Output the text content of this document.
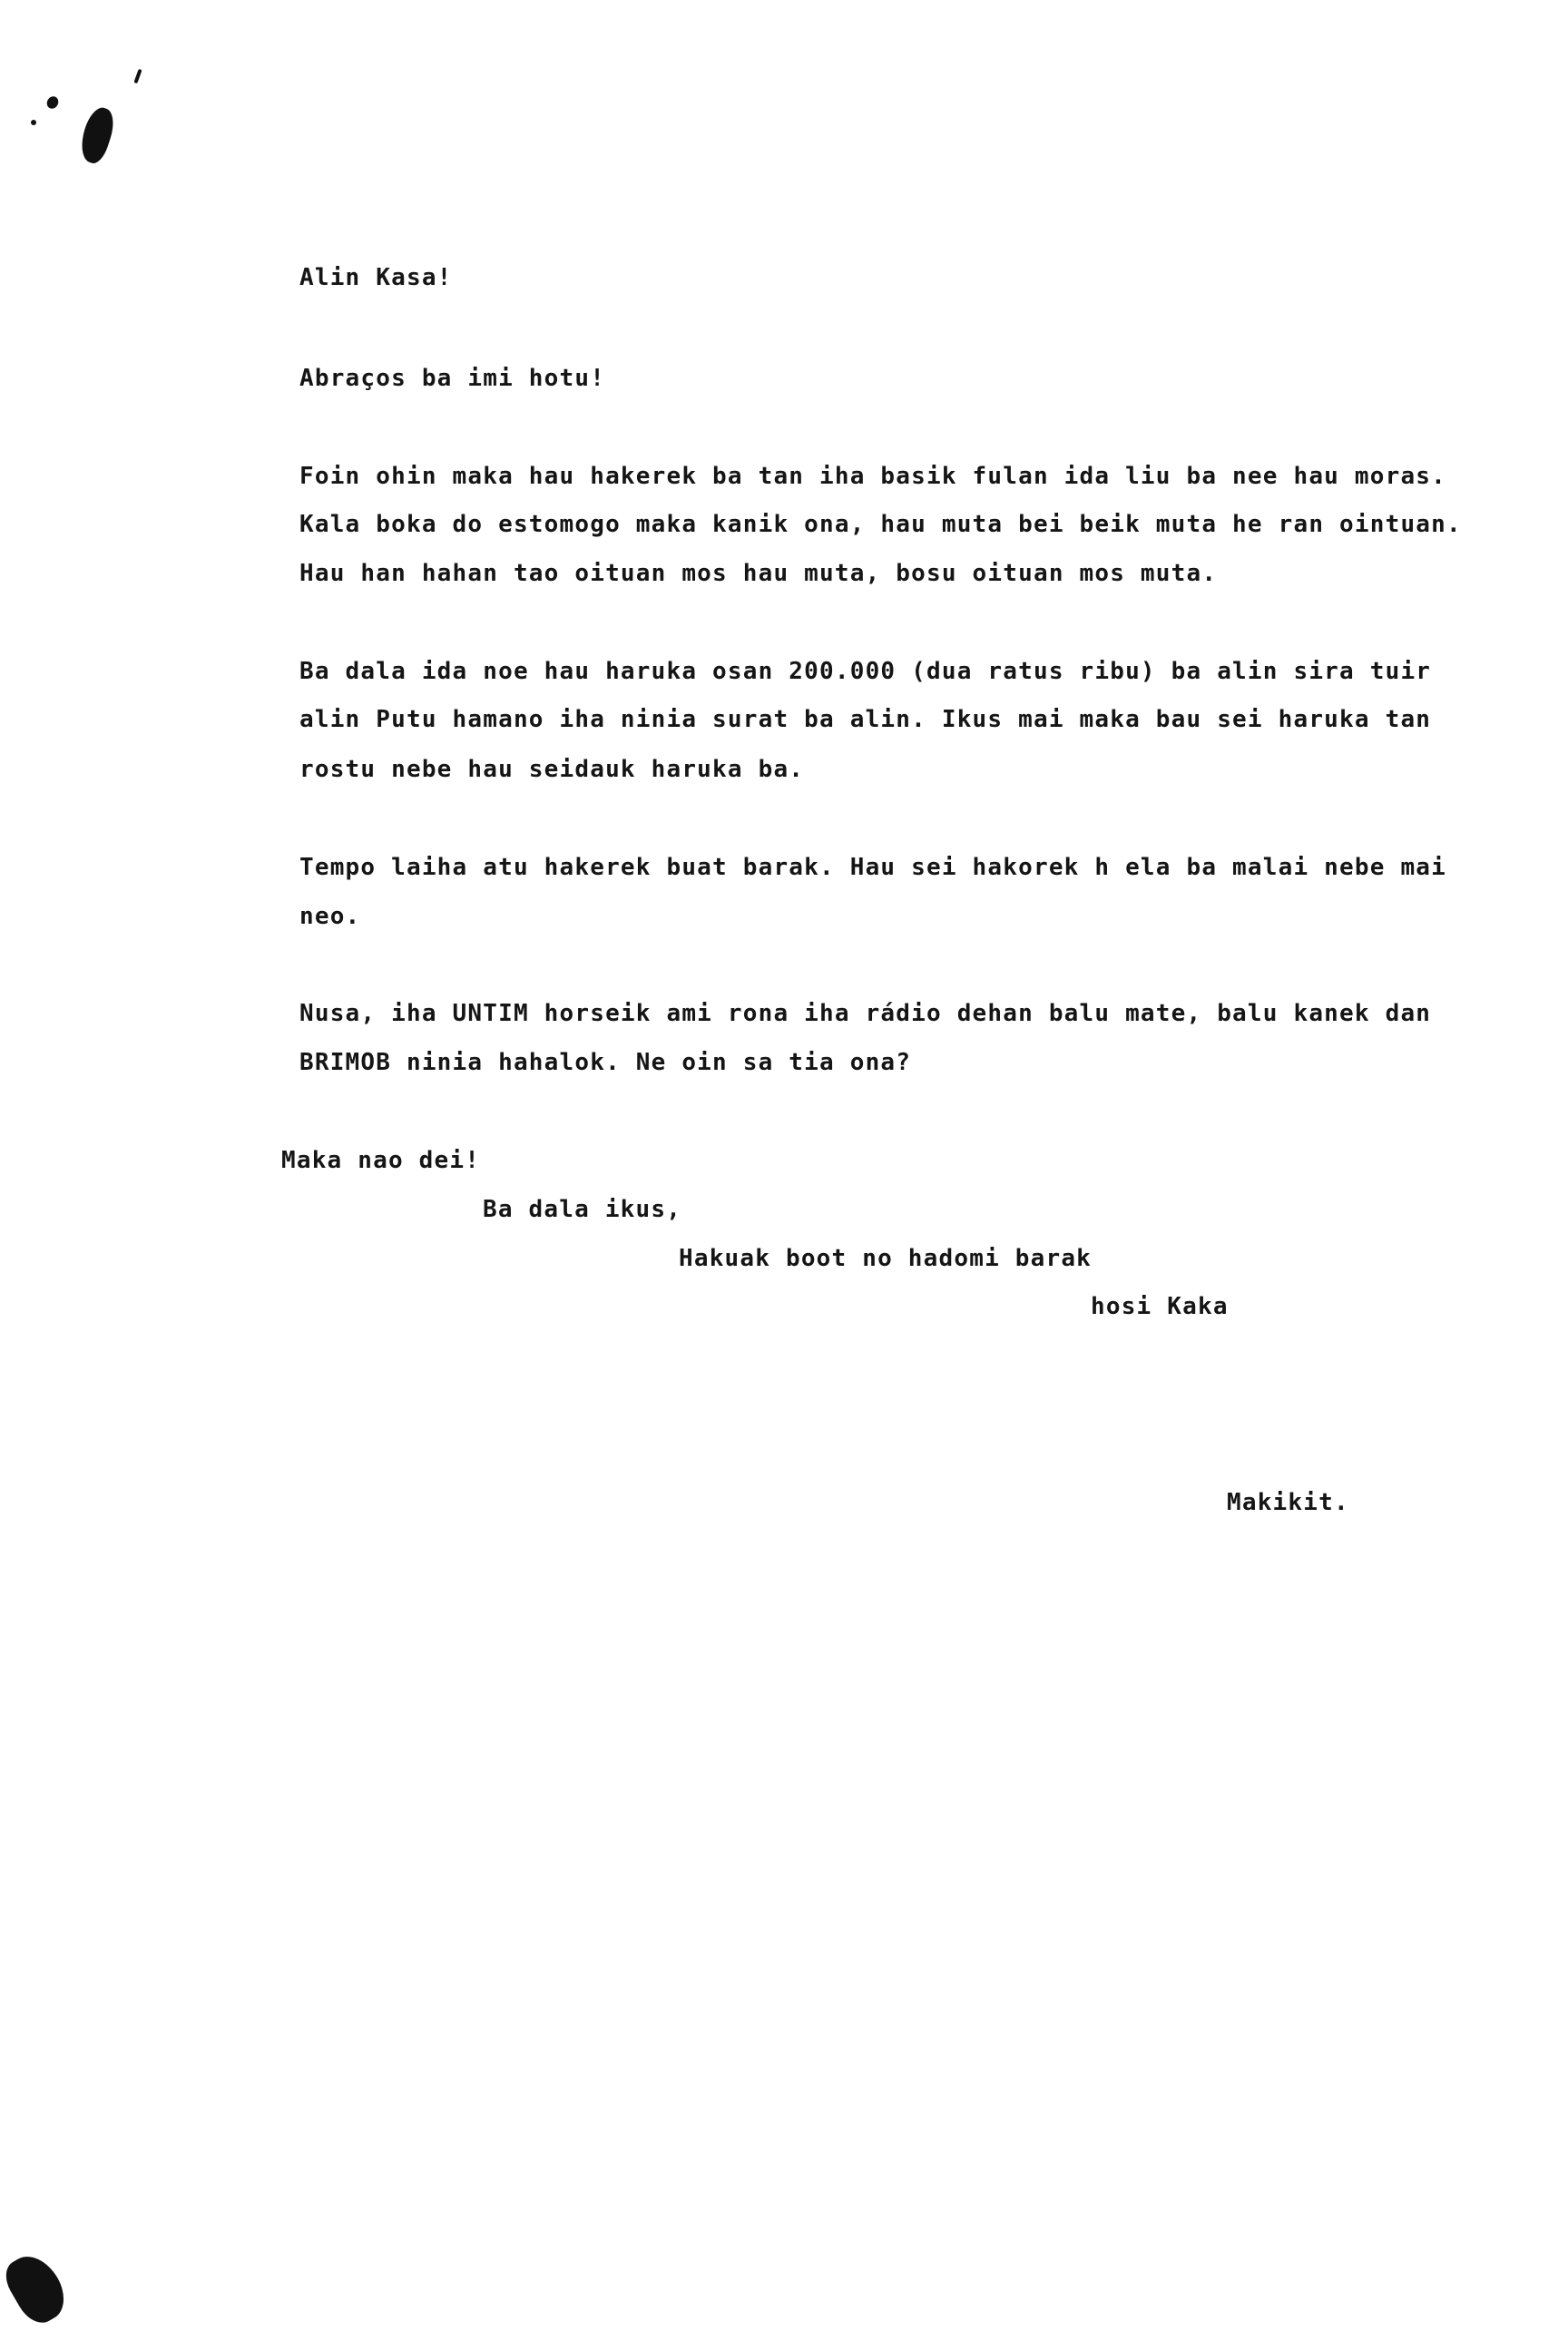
Alin Kasa!
Abraços ba imi hotu!
Foin ohin maka hau hakerek ba tan iha basik fulan ida liu ba nee hau moras.
Kala boka do estomogo maka kanik ona, hau muta bei beik muta he ran ointuan.
Hau han hahan tao oituan mos hau muta, bosu oituan mos muta.
Ba dala ida noe hau haruka osan 200.000 (dua ratus ribu) ba alin sira tuir
alin Putu hamano iha ninia surat ba alin. Ikus mai maka bau sei haruka tan
rostu nebe hau seidauk haruka ba.
Tempo laiha atu hakerek buat barak. Hau sei hakorek h ela ba malai nebe mai
neo.
Nusa, iha UNTIM horseik ami rona iha rádio dehan balu mate, balu kanek dan
BRIMOB ninia hahalok. Ne oin sa tia ona?
Maka nao dei!
Ba dala ikus,
Hakuak boot no hadomi barak
hosi Kaka
Makikit.
